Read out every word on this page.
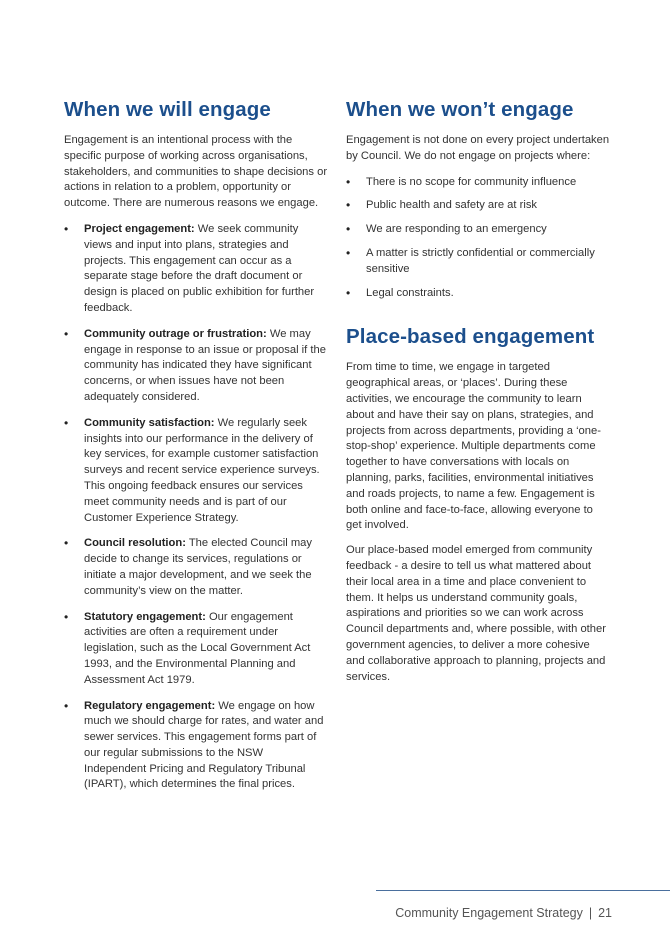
When we will engage

Engagement is an intentional process with the specific purpose of working across organisations, stakeholders, and communities to shape decisions or actions in relation to a problem, opportunity or outcome. There are numerous reasons we engage.

• Project engagement: We seek community views and input into plans, strategies and projects. This engagement can occur as a separate stage before the draft document or design is placed on public exhibition for further feedback.
• Community outrage or frustration: We may engage in response to an issue or proposal if the community has indicated they have significant concerns, or when issues have not been adequately considered.
• Community satisfaction: We regularly seek insights into our performance in the delivery of key services, for example customer satisfaction surveys and recent service experience surveys. This ongoing feedback ensures our services meet community needs and is part of our Customer Experience Strategy.
• Council resolution: The elected Council may decide to change its services, regulations or initiate a major development, and we seek the community’s view on the matter.
• Statutory engagement: Our engagement activities are often a requirement under legislation, such as the Local Government Act 1993, and the Environmental Planning and Assessment Act 1979.
• Regulatory engagement: We engage on how much we should charge for rates, and water and sewer services. This engagement forms part of our regular submissions to the NSW Independent Pricing and Regulatory Tribunal (IPART), which determines the final prices.
When we won’t engage

Engagement is not done on every project undertaken by Council. We do not engage on projects where:

• There is no scope for community influence
• Public health and safety are at risk
• We are responding to an emergency
• A matter is strictly confidential or commercially sensitive
• Legal constraints.
Place-based engagement

From time to time, we engage in targeted geographical areas, or ‘places’. During these activities, we encourage the community to learn about and have their say on plans, strategies, and projects from across departments, providing a ‘one-stop-shop’ experience. Multiple departments come together to have conversations with locals on planning, parks, facilities, environmental initiatives and roads projects, to name a few. Engagement is both online and face-to-face, allowing everyone to get involved.

Our place-based model emerged from community feedback - a desire to tell us what mattered about their local area in a time and place convenient to them. It helps us understand community goals, aspirations and priorities so we can work across Council departments and, where possible, with other government agencies, to deliver a more cohesive and collaborative approach to planning, projects and services.

Community Engagement Strategy | 21
